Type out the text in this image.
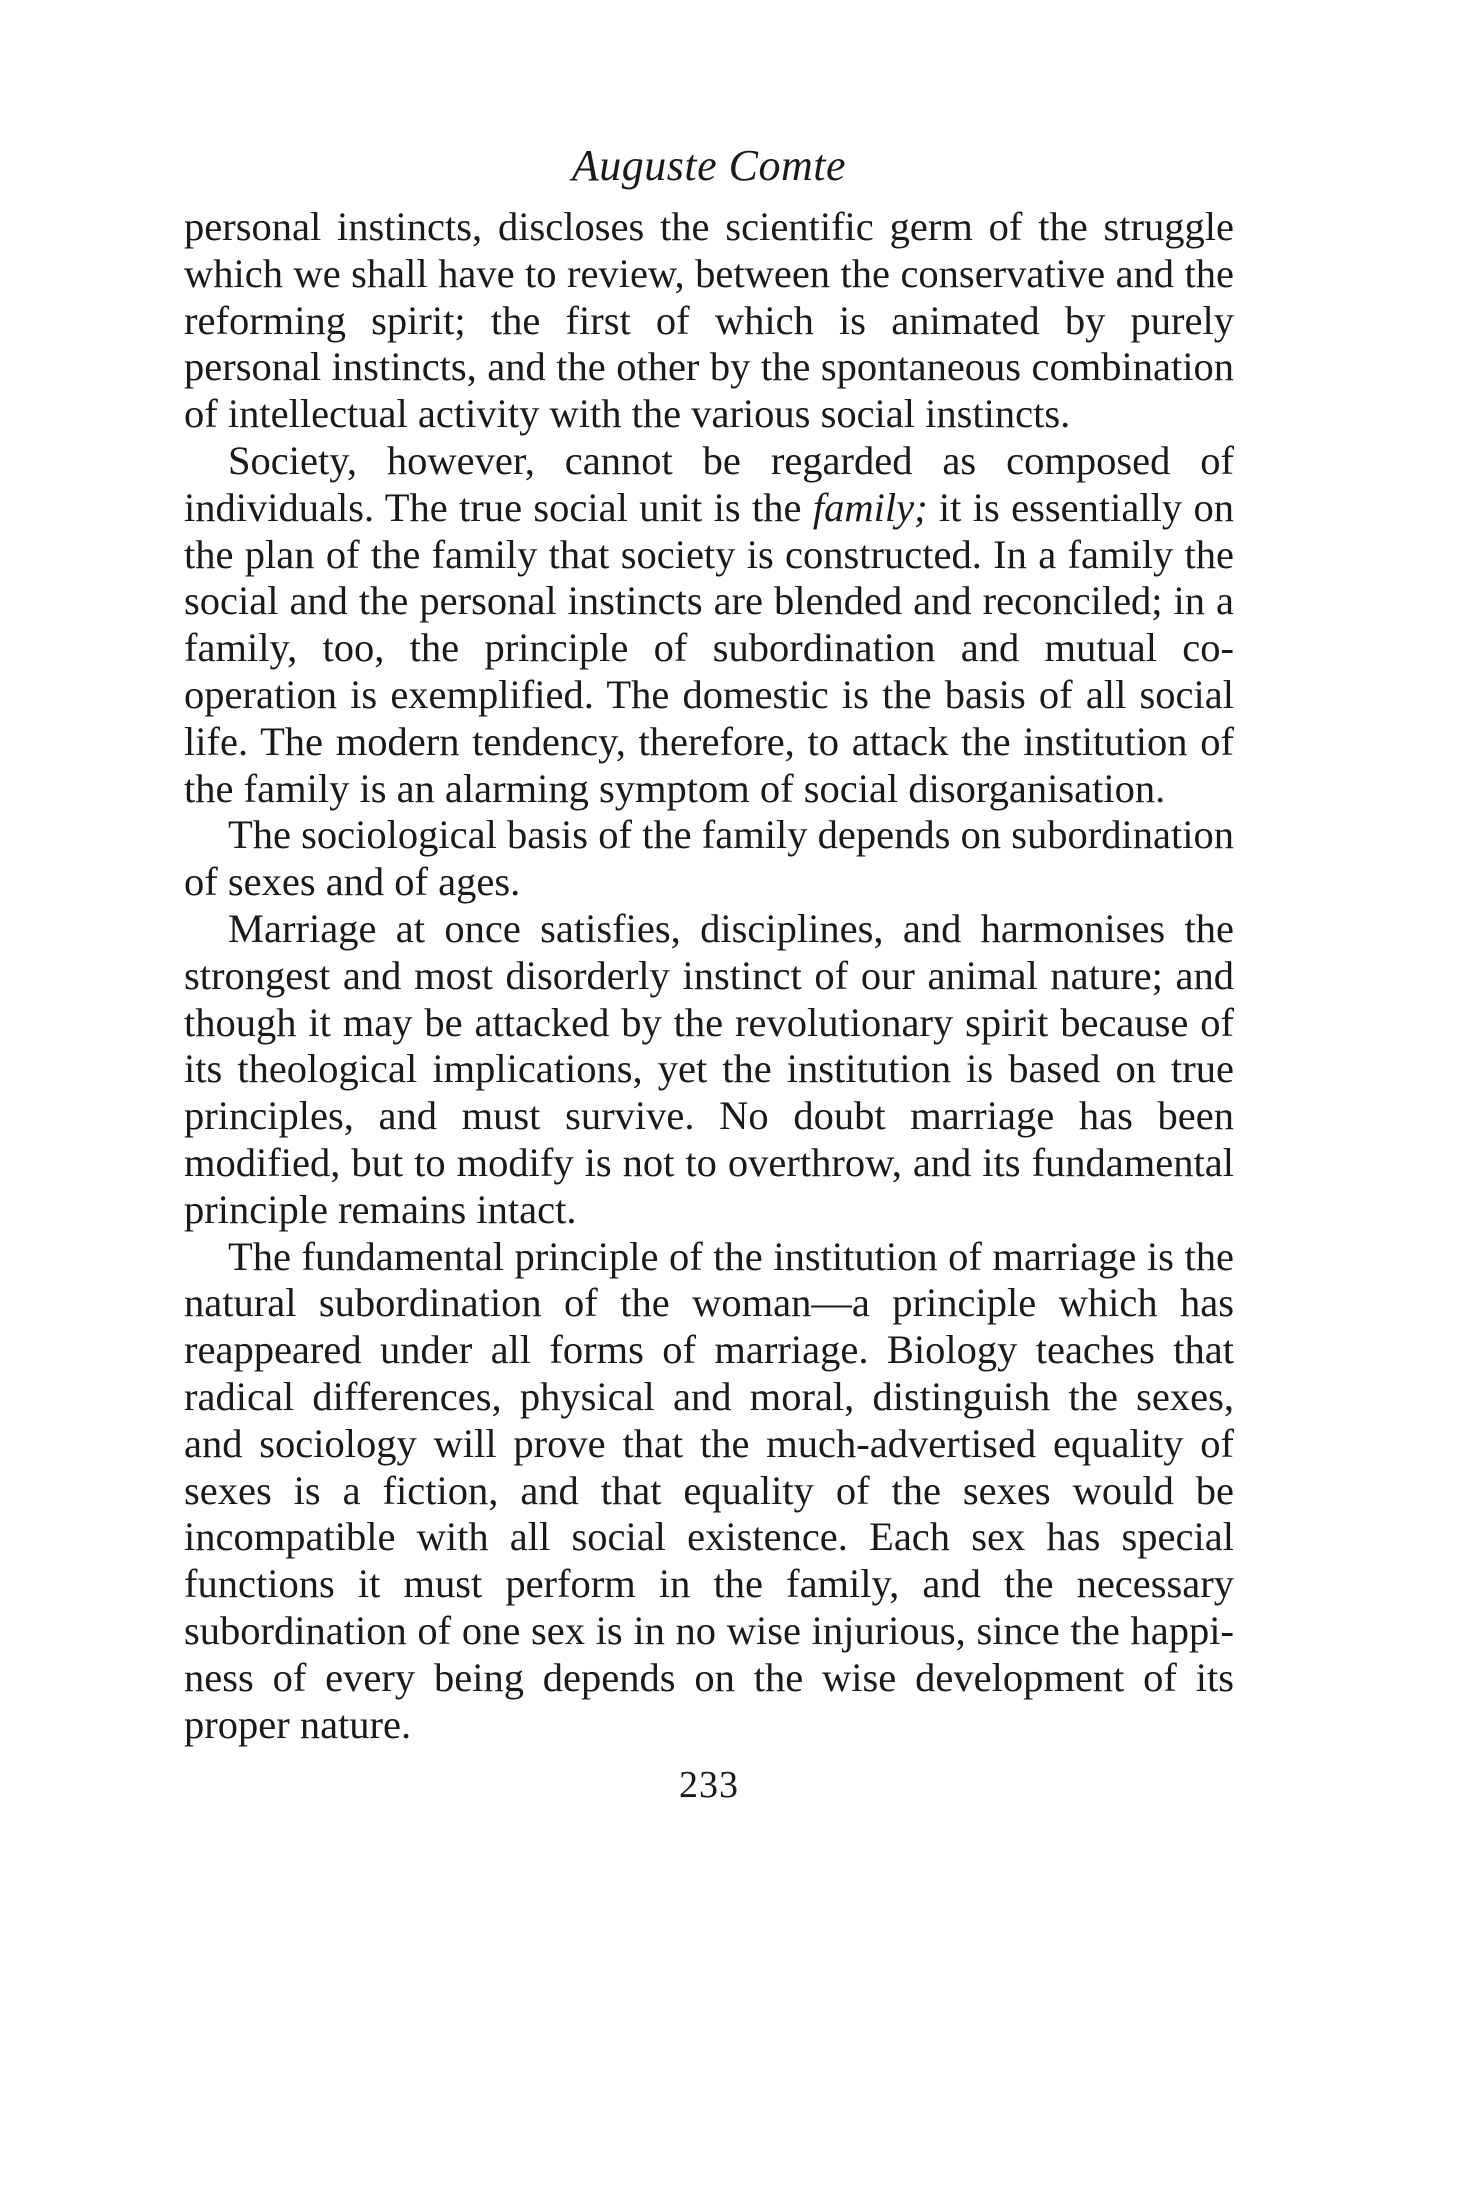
Auguste Comte

personal instincts, discloses the scientific germ of the struggle which we shall have to review, between the conservative and the reforming spirit; the first of which is animated by purely personal instincts, and the other by the spontaneous combination of intellectual activity with the various social instincts.

Society, however, cannot be regarded as composed of individuals. The true social unit is the family; it is essentially on the plan of the family that society is constructed. In a family the social and the personal instincts are blended and reconciled; in a family, too, the principle of subordination and mutual co-operation is exemplified. The domestic is the basis of all social life. The modern tendency, therefore, to attack the institution of the family is an alarming symptom of social disorganisation.

The sociological basis of the family depends on subordination of sexes and of ages.

Marriage at once satisfies, disciplines, and harmonises the strongest and most disorderly instinct of our animal nature; and though it may be attacked by the revolutionary spirit because of its theological implications, yet the institution is based on true principles, and must survive. No doubt marriage has been modified, but to modify is not to overthrow, and its fundamental principle remains intact.

The fundamental principle of the institution of marriage is the natural subordination of the woman—a principle which has reappeared under all forms of marriage. Biology teaches that radical differences, physical and moral, distinguish the sexes, and sociology will prove that the much-advertised equality of sexes is a fiction, and that equality of the sexes would be incompatible with all social existence. Each sex has special functions it must perform in the family, and the necessary subordination of one sex is in no wise injurious, since the happiness of every being depends on the wise development of its proper nature.

233
